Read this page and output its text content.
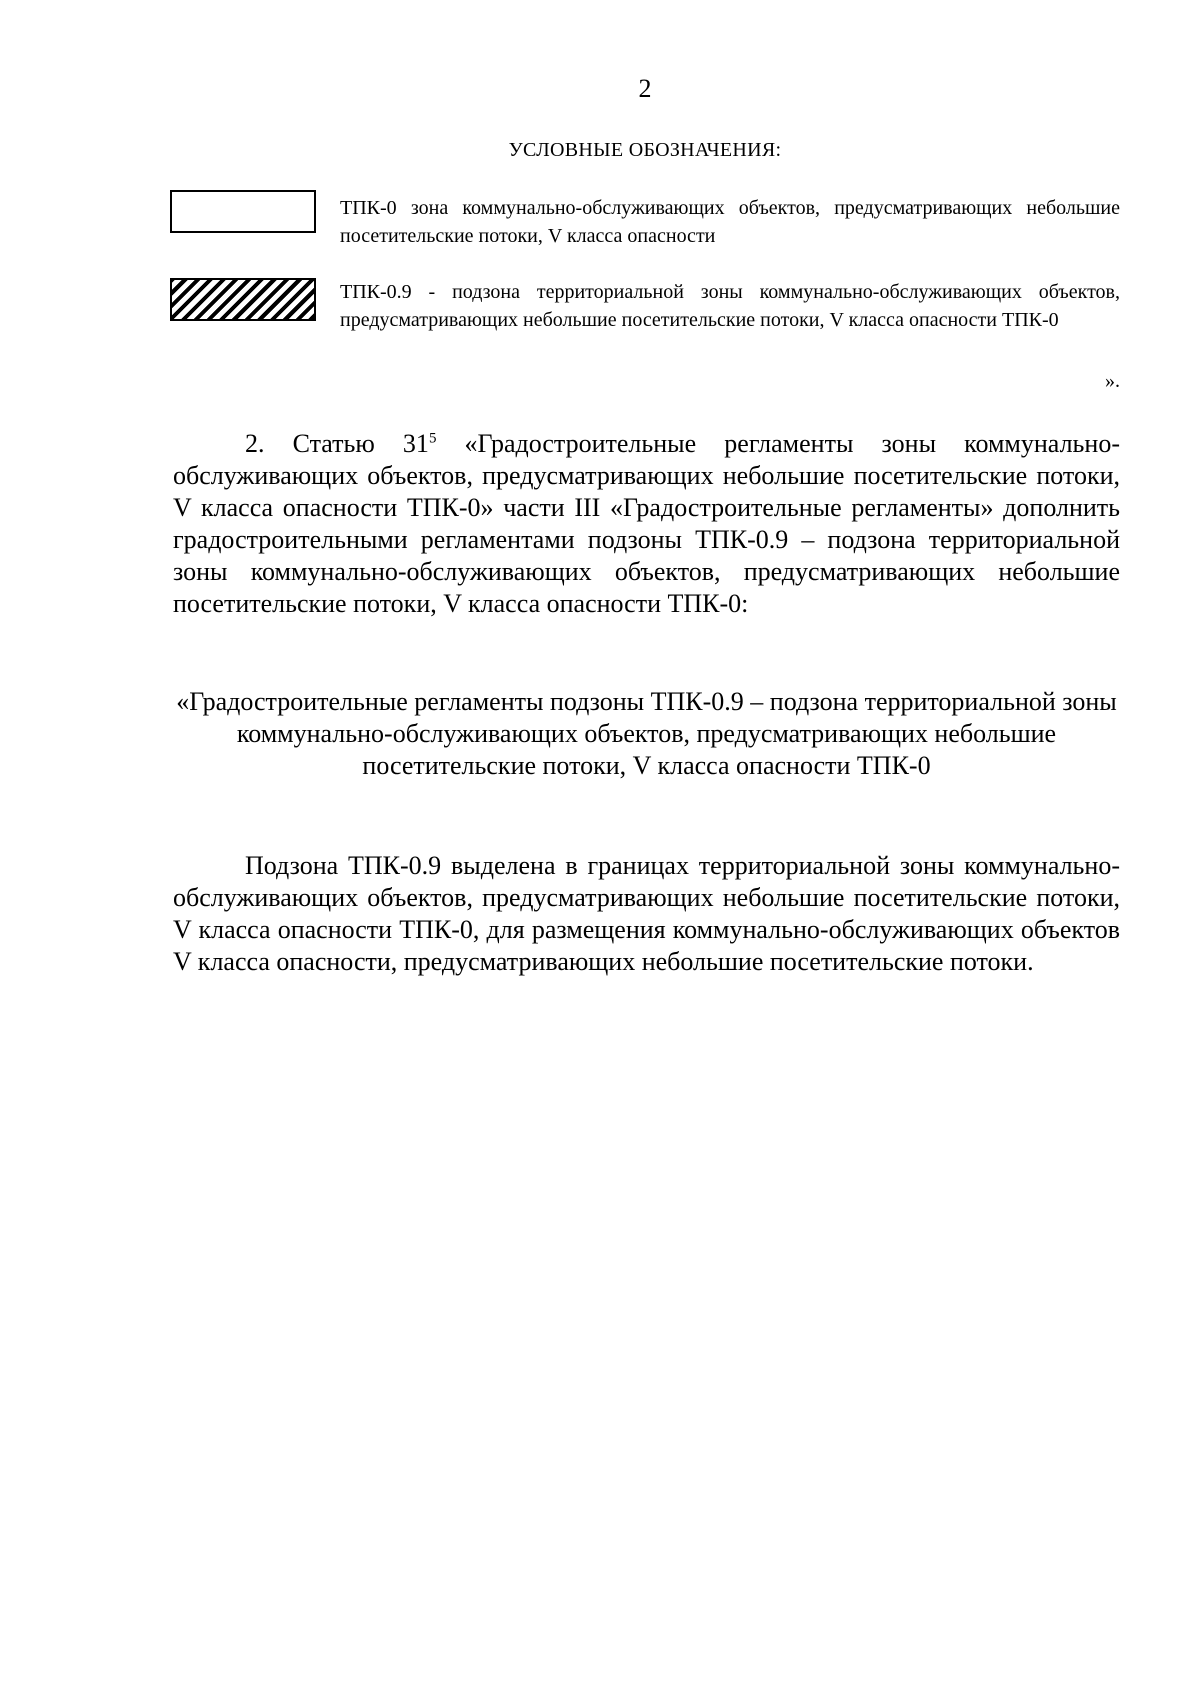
2

УСЛОВНЫЕ ОБОЗНАЧЕНИЯ:

ТПК-0 зона коммунально-обслуживающих объектов, предусматривающих небольшие посетительские потоки, V класса опасности

ТПК-0.9 - подзона территориальной зоны коммунально-обслуживающих объектов, предусматривающих небольшие посетительские потоки, V класса опасности ТПК-0

».

2. Статью $31^5$ «Градостроительные регламенты зоны коммунально-обслуживающих объектов, предусматривающих небольшие посетительские потоки, V класса опасности ТПК-0» части III «Градостроительные регламенты» дополнить градостроительными регламентами подзоны ТПК-0.9 – подзона территориальной зоны коммунально-обслуживающих объектов, предусматривающих небольшие посетительские потоки, V класса опасности ТПК-0:

«Градостроительные регламенты подзоны ТПК-0.9 – подзона территориальной зоны коммунально-обслуживающих объектов, предусматривающих небольшие посетительские потоки, V класса опасности ТПК-0

Подзона ТПК-0.9 выделена в границах территориальной зоны коммунально-обслуживающих объектов, предусматривающих небольшие посетительские потоки, V класса опасности ТПК-0, для размещения коммунально-обслуживающих объектов V класса опасности, предусматривающих небольшие посетительские потоки.
